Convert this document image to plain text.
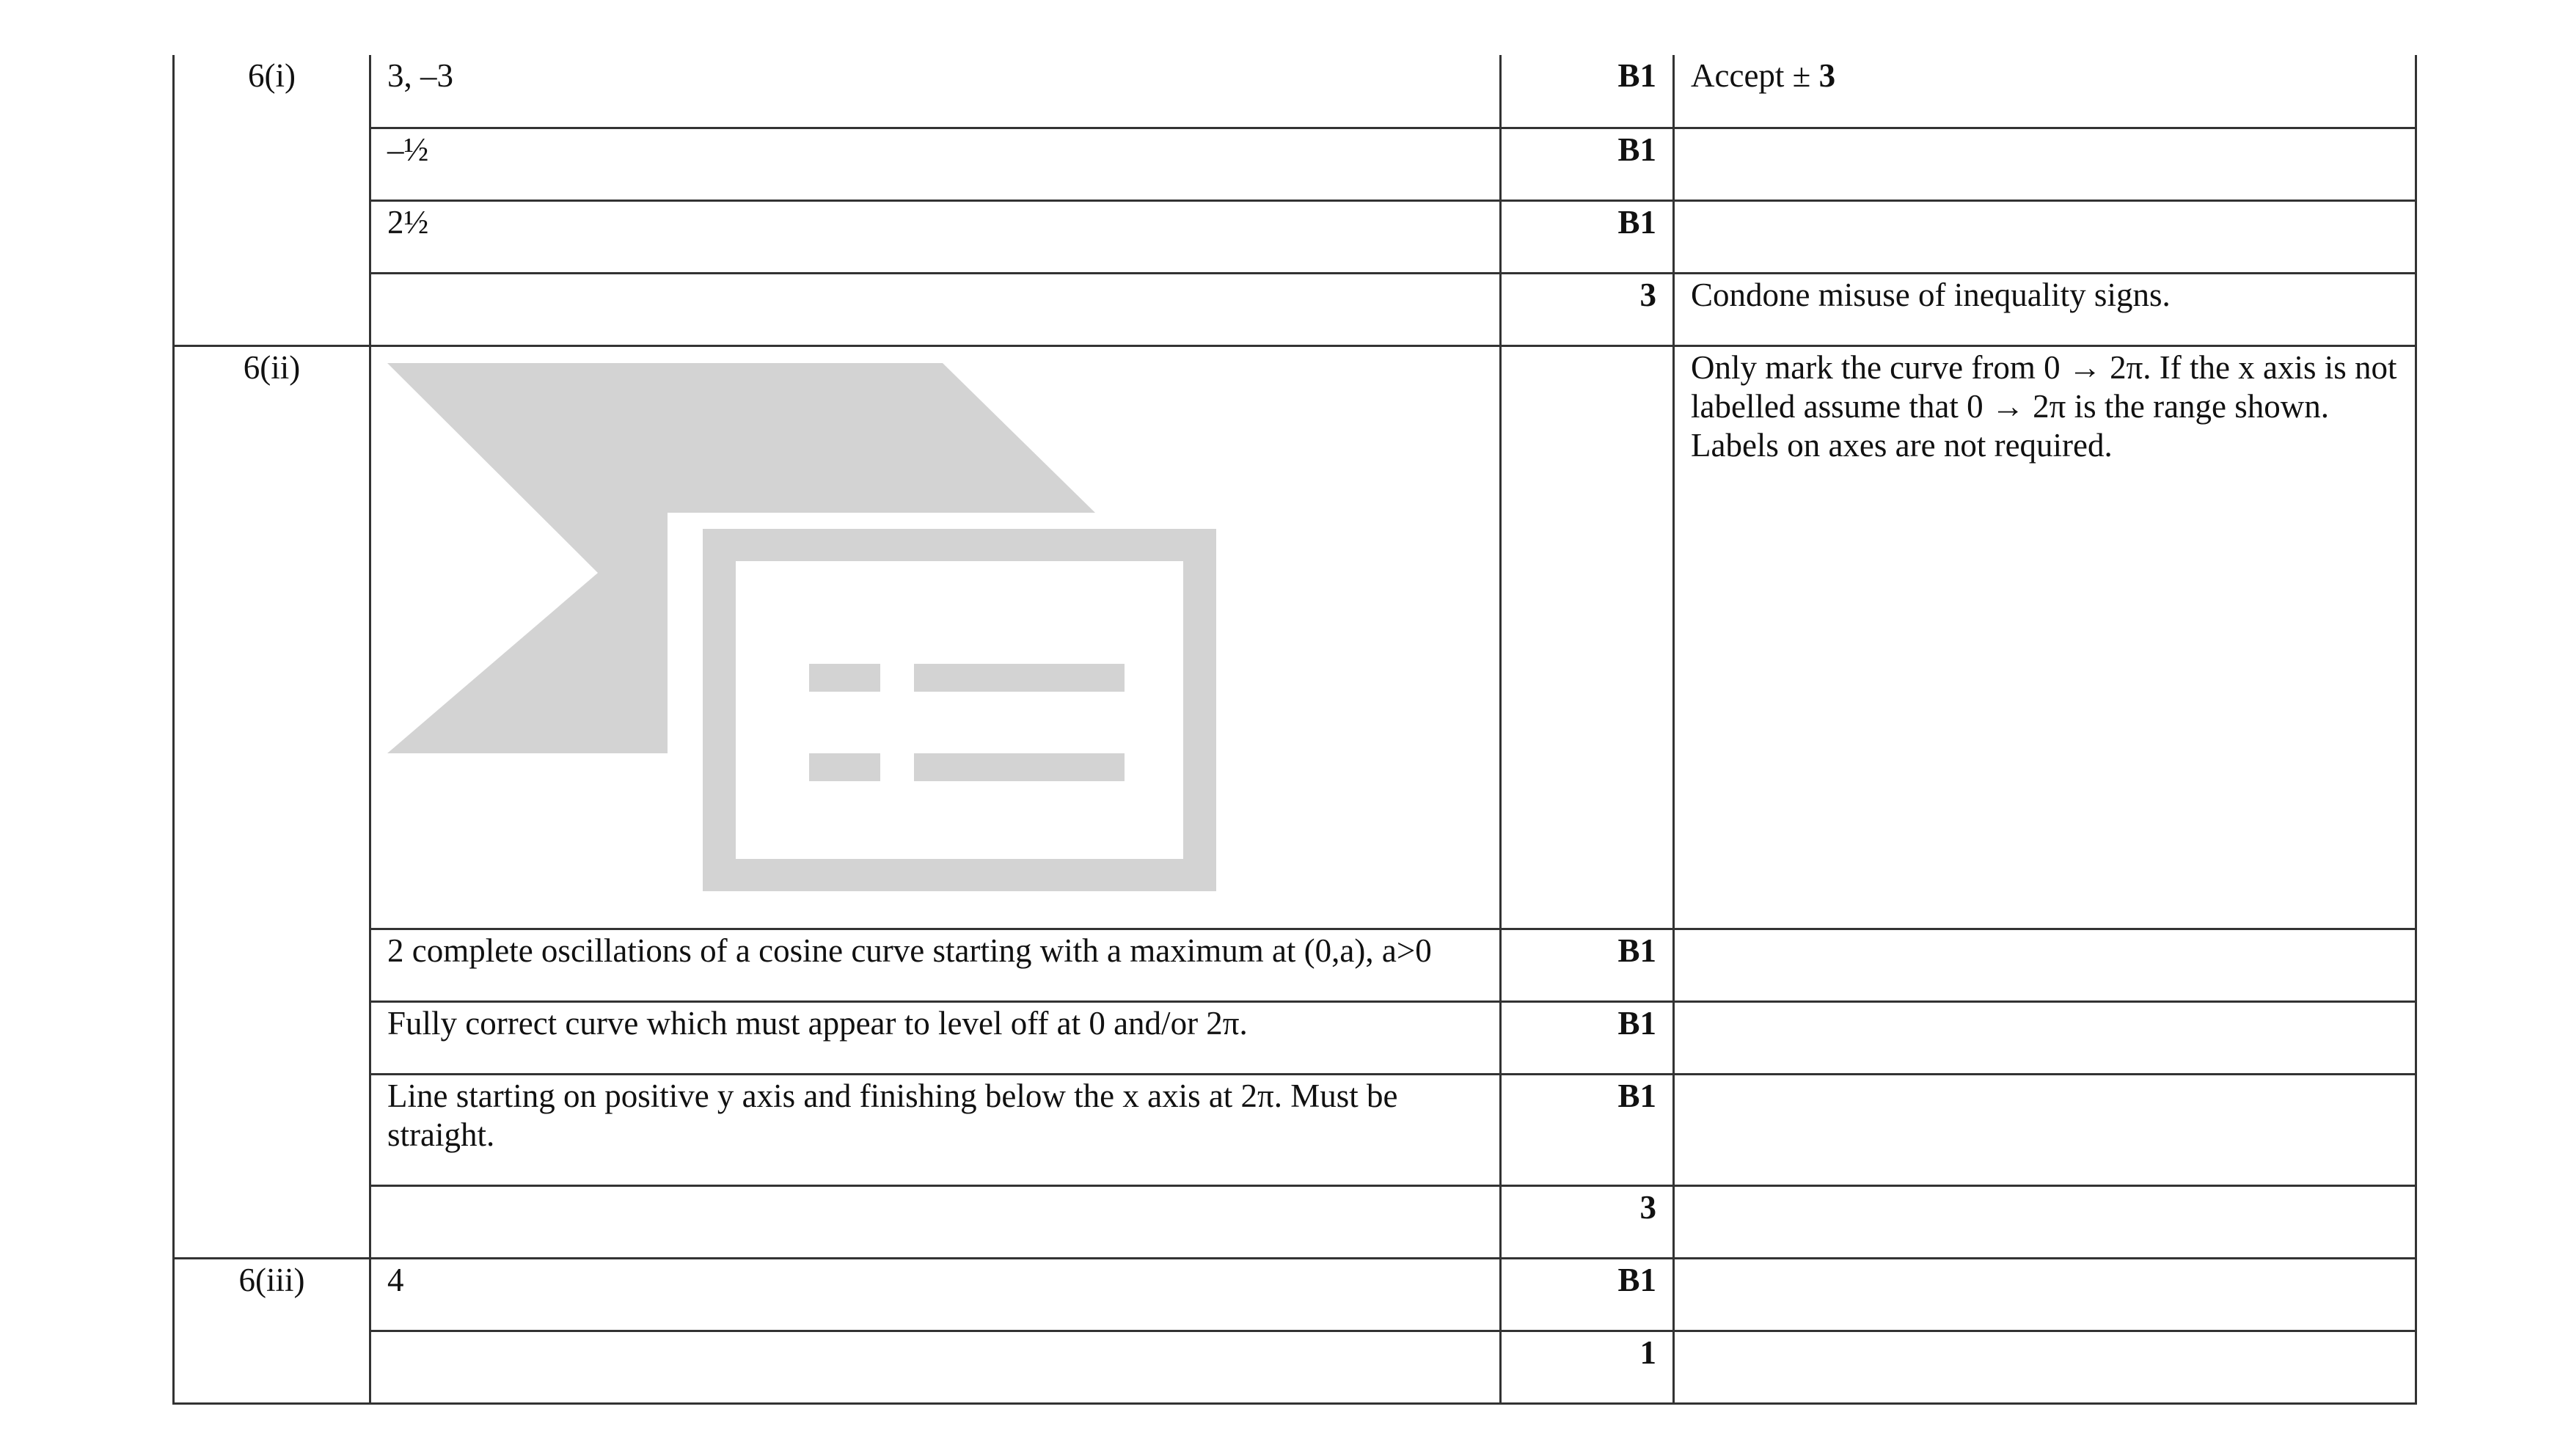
6(i)	3, –3	B1	Accept ± 3
	–½	B1	
	2½	B1	
		3	Condone misuse of inequality signs.
6(ii)			Only mark the curve from 0 → 2π. If the x axis is not labelled assume that 0 → 2π is the range shown. Labels on axes are not required.
	2 complete oscillations of a cosine curve starting with a maximum at (0,a), a>0	B1	
	Fully correct curve which must appear to level off at 0 and/or 2π.	B1	
	Line starting on positive y axis and finishing below the x axis at 2π. Must be straight.	B1	
		3	
6(iii)	4	B1	
		1	
